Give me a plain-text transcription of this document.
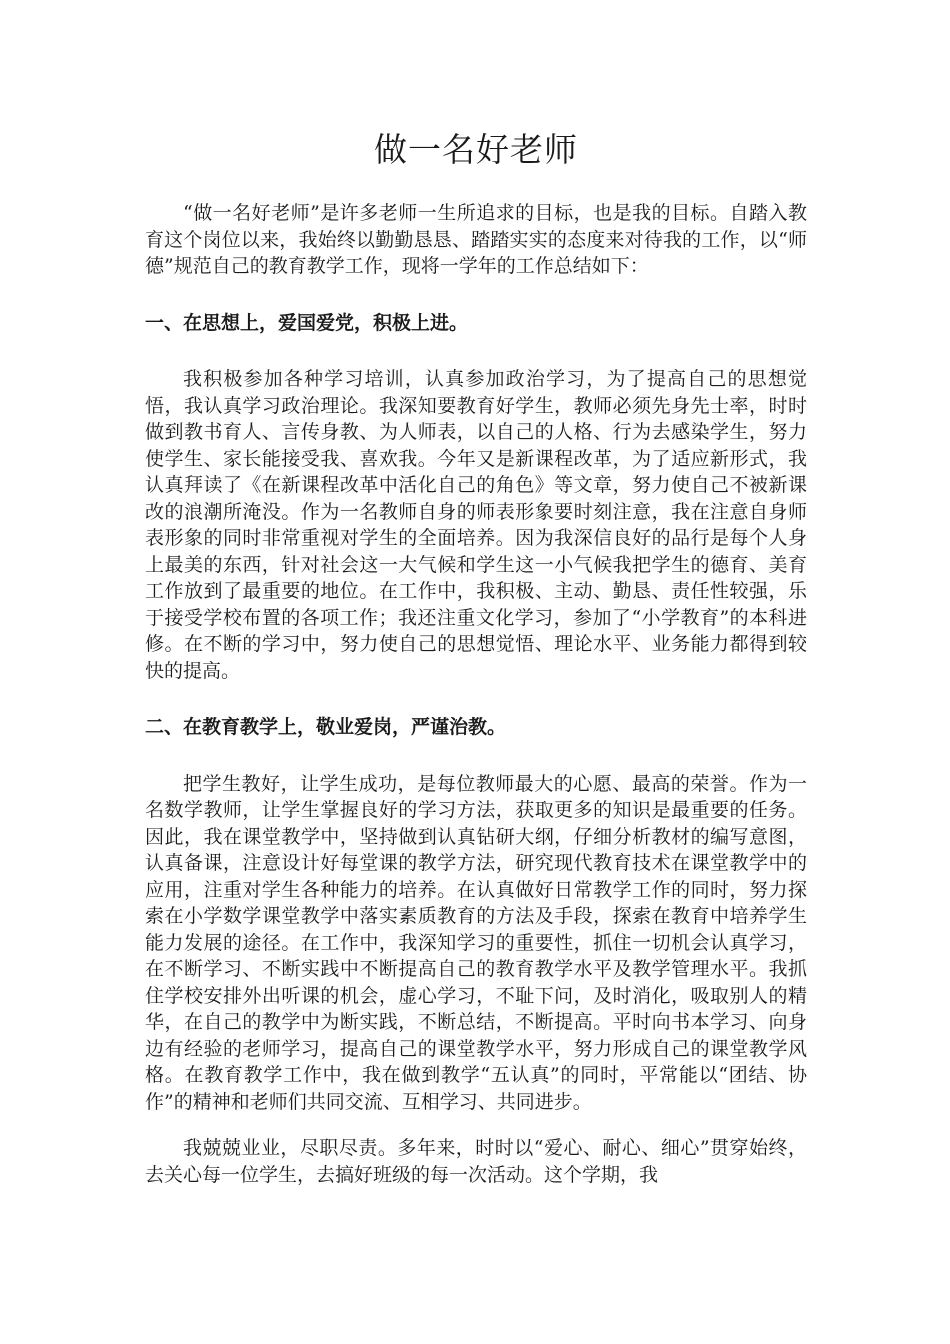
做一名好老师

“做一名好老师”是许多老师一生所追求的目标，也是我的目标。自踏入教育这个岗位以来，我始终以勤勤恳恳、踏踏实实的态度来对待我的工作，以“师德”规范自己的教育教学工作，现将一学年的工作总结如下：

一、在思想上，爱国爱党，积极上进。

我积极参加各种学习培训，认真参加政治学习，为了提高自己的思想觉悟，我认真学习政治理论。我深知要教育好学生，教师必须先身先士率，时时做到教书育人、言传身教、为人师表，以自己的人格、行为去感染学生，努力使学生、家长能接受我、喜欢我。今年又是新课程改革，为了适应新形式，我认真拜读了《在新课程改革中活化自己的角色》等文章，努力使自己不被新课改的浪潮所淹没。作为一名教师自身的师表形象要时刻注意，我在注意自身师表形象的同时非常重视对学生的全面培养。因为我深信良好的品行是每个人身上最美的东西，针对社会这一大气候和学生这一小气候我把学生的德育、美育工作放到了最重要的地位。在工作中，我积极、主动、勤恳、责任性较强，乐于接受学校布置的各项工作；我还注重文化学习，参加了“小学教育”的本科进修。在不断的学习中，努力使自己的思想觉悟、理论水平、业务能力都得到较快的提高。

二、在教育教学上，敬业爱岗，严谨治教。

把学生教好，让学生成功，是每位教师最大的心愿、最高的荣誉。作为一名数学教师，让学生掌握良好的学习方法，获取更多的知识是最重要的任务。因此，我在课堂教学中，坚持做到认真钻研大纲，仔细分析教材的编写意图，认真备课，注意设计好每堂课的教学方法，研究现代教育技术在课堂教学中的应用，注重对学生各种能力的培养。在认真做好日常教学工作的同时，努力探索在小学数学课堂教学中落实素质教育的方法及手段，探索在教育中培养学生能力发展的途径。在工作中，我深知学习的重要性，抓住一切机会认真学习，在不断学习、不断实践中不断提高自己的教育教学水平及教学管理水平。我抓住学校安排外出听课的机会，虚心学习，不耻下问，及时消化，吸取别人的精华，在自己的教学中为断实践，不断总结，不断提高。平时向书本学习、向身边有经验的老师学习，提高自己的课堂教学水平，努力形成自己的课堂教学风格。在教育教学工作中，我在做到教学“五认真”的同时，平常能以“团结、协作”的精神和老师们共同交流、互相学习、共同进步。

我兢兢业业，尽职尽责。多年来，时时以“爱心、耐心、细心”贯穿始终，去关心每一位学生，去搞好班级的每一次活动。这个学期，我
